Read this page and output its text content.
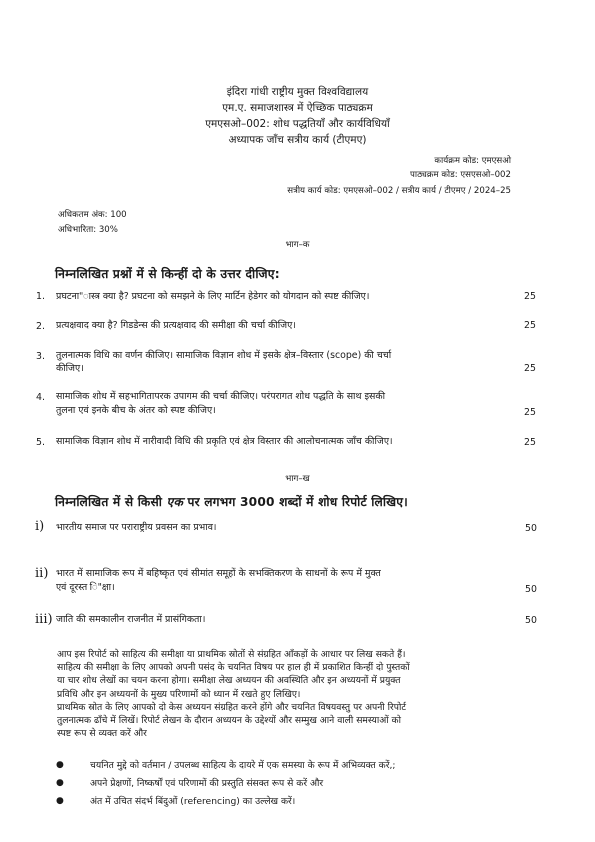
इंदिरा गांधी राष्ट्रीय मुक्त विश्वविद्यालय
एम.ए. समाजशास्त्र में ऐच्छिक पाठ्यक्रम
एमएसओ–002: शोध पद्धतियाँ और कार्यविधियाँ
अध्यापक जाँच सत्रीय कार्य (टीएमए)
कार्यक्रम कोड: एमएसओ
पाठ्यक्रम कोड: एसएसओ–002
सत्रीय कार्य कोड: एमएसओ–002 / सत्रीय कार्य / टीएमए / 2024–25
अधिकतम अंक: 100
अधिभारिता: 30%
भाग–क
निम्नलिखित प्रश्नों में से किन्हीं दो के उत्तर दीजिए:
1. प्रघटना"ास्त्र क्या है? प्रघटना को समझने के लिए मार्टिन हेडेगर को योगदान को स्पष्ट कीजिए।	25
2. प्रत्यक्षवाद क्या है? गिडडेन्स की प्रत्यक्षवाद की समीक्षा की चर्चा कीजिए।	25
3. तुलनात्मक विधि का वर्णन कीजिए। सामाजिक विज्ञान शोध में इसके क्षेत्र–विस्तार (scope) की चर्चा
कीजिए।	25
4. सामाजिक शोध में सहभागितापरक उपागम की चर्चा कीजिए। परंपरागत शोध पद्धति के साथ इसकी
तुलना एवं इनके बीच के अंतर को स्पष्ट कीजिए।	25
5. सामाजिक विज्ञान शोध में नारीवादी विधि की प्रकृति एवं क्षेत्र विस्तार की आलोचनात्मक जाँच कीजिए।	25
भाग–ख
निम्नलिखित में से किसी एक पर लगभग 3000 शब्दों में शोध रिपोर्ट लिखिए।
i) भारतीय समाज पर पराराष्ट्रीय प्रवसन का प्रभाव।	50
ii) भारत में सामाजिक रूप में बहिष्कृत एवं सीमांत समूहों के सभक्तिकरण के साधनों के रूप में मुक्त
एवं दूरस्त ि"क्षा।	50
iii) जाति की समकालीन राजनीत में प्रासंगिकता।	50
आप इस रिपोर्ट को साहित्य की समीक्षा या प्राथमिक स्रोतों से संग्रहित आँकड़ों के आधार पर लिख सकते हैं।
साहित्य की समीक्षा के लिए आपको अपनी पसंद के चयनित विषय पर हाल ही में प्रकाशित किन्हीं दो पुस्तकों
या चार शोध लेखों का चयन करना होगा। समीक्षा लेख अध्ययन की अवस्थिति और इन अध्ययनों में प्रयुक्त
प्रविधि और इन अध्ययनों के मुख्य परिणामों को ध्यान में रखते हुए लिखिए।
प्राथमिक स्रोत के लिए आपको दो केस अध्ययन संग्रहित करने होंगे और चयनित विषयवस्तु पर अपनी रिपोर्ट
तुलनात्मक ढाँचे में लिखें। रिपोर्ट लेखन के दौरान अध्ययन के उद्देश्यों और सम्मुख आने वाली समस्याओं को
स्पष्ट रूप से व्यक्त करें और
●	चयनित मुद्दे को वर्तमान / उपलब्ध साहित्य के दायरे में एक समस्या के रूप में अभिव्यक्त करें,;
●	अपने प्रेक्षणों, निष्कर्षों एवं परिणामों की प्रस्तुति संसक्त रूप से करें और
●	अंत में उचित संदर्भ बिंदुओं (referencing) का उल्लेख करें।
